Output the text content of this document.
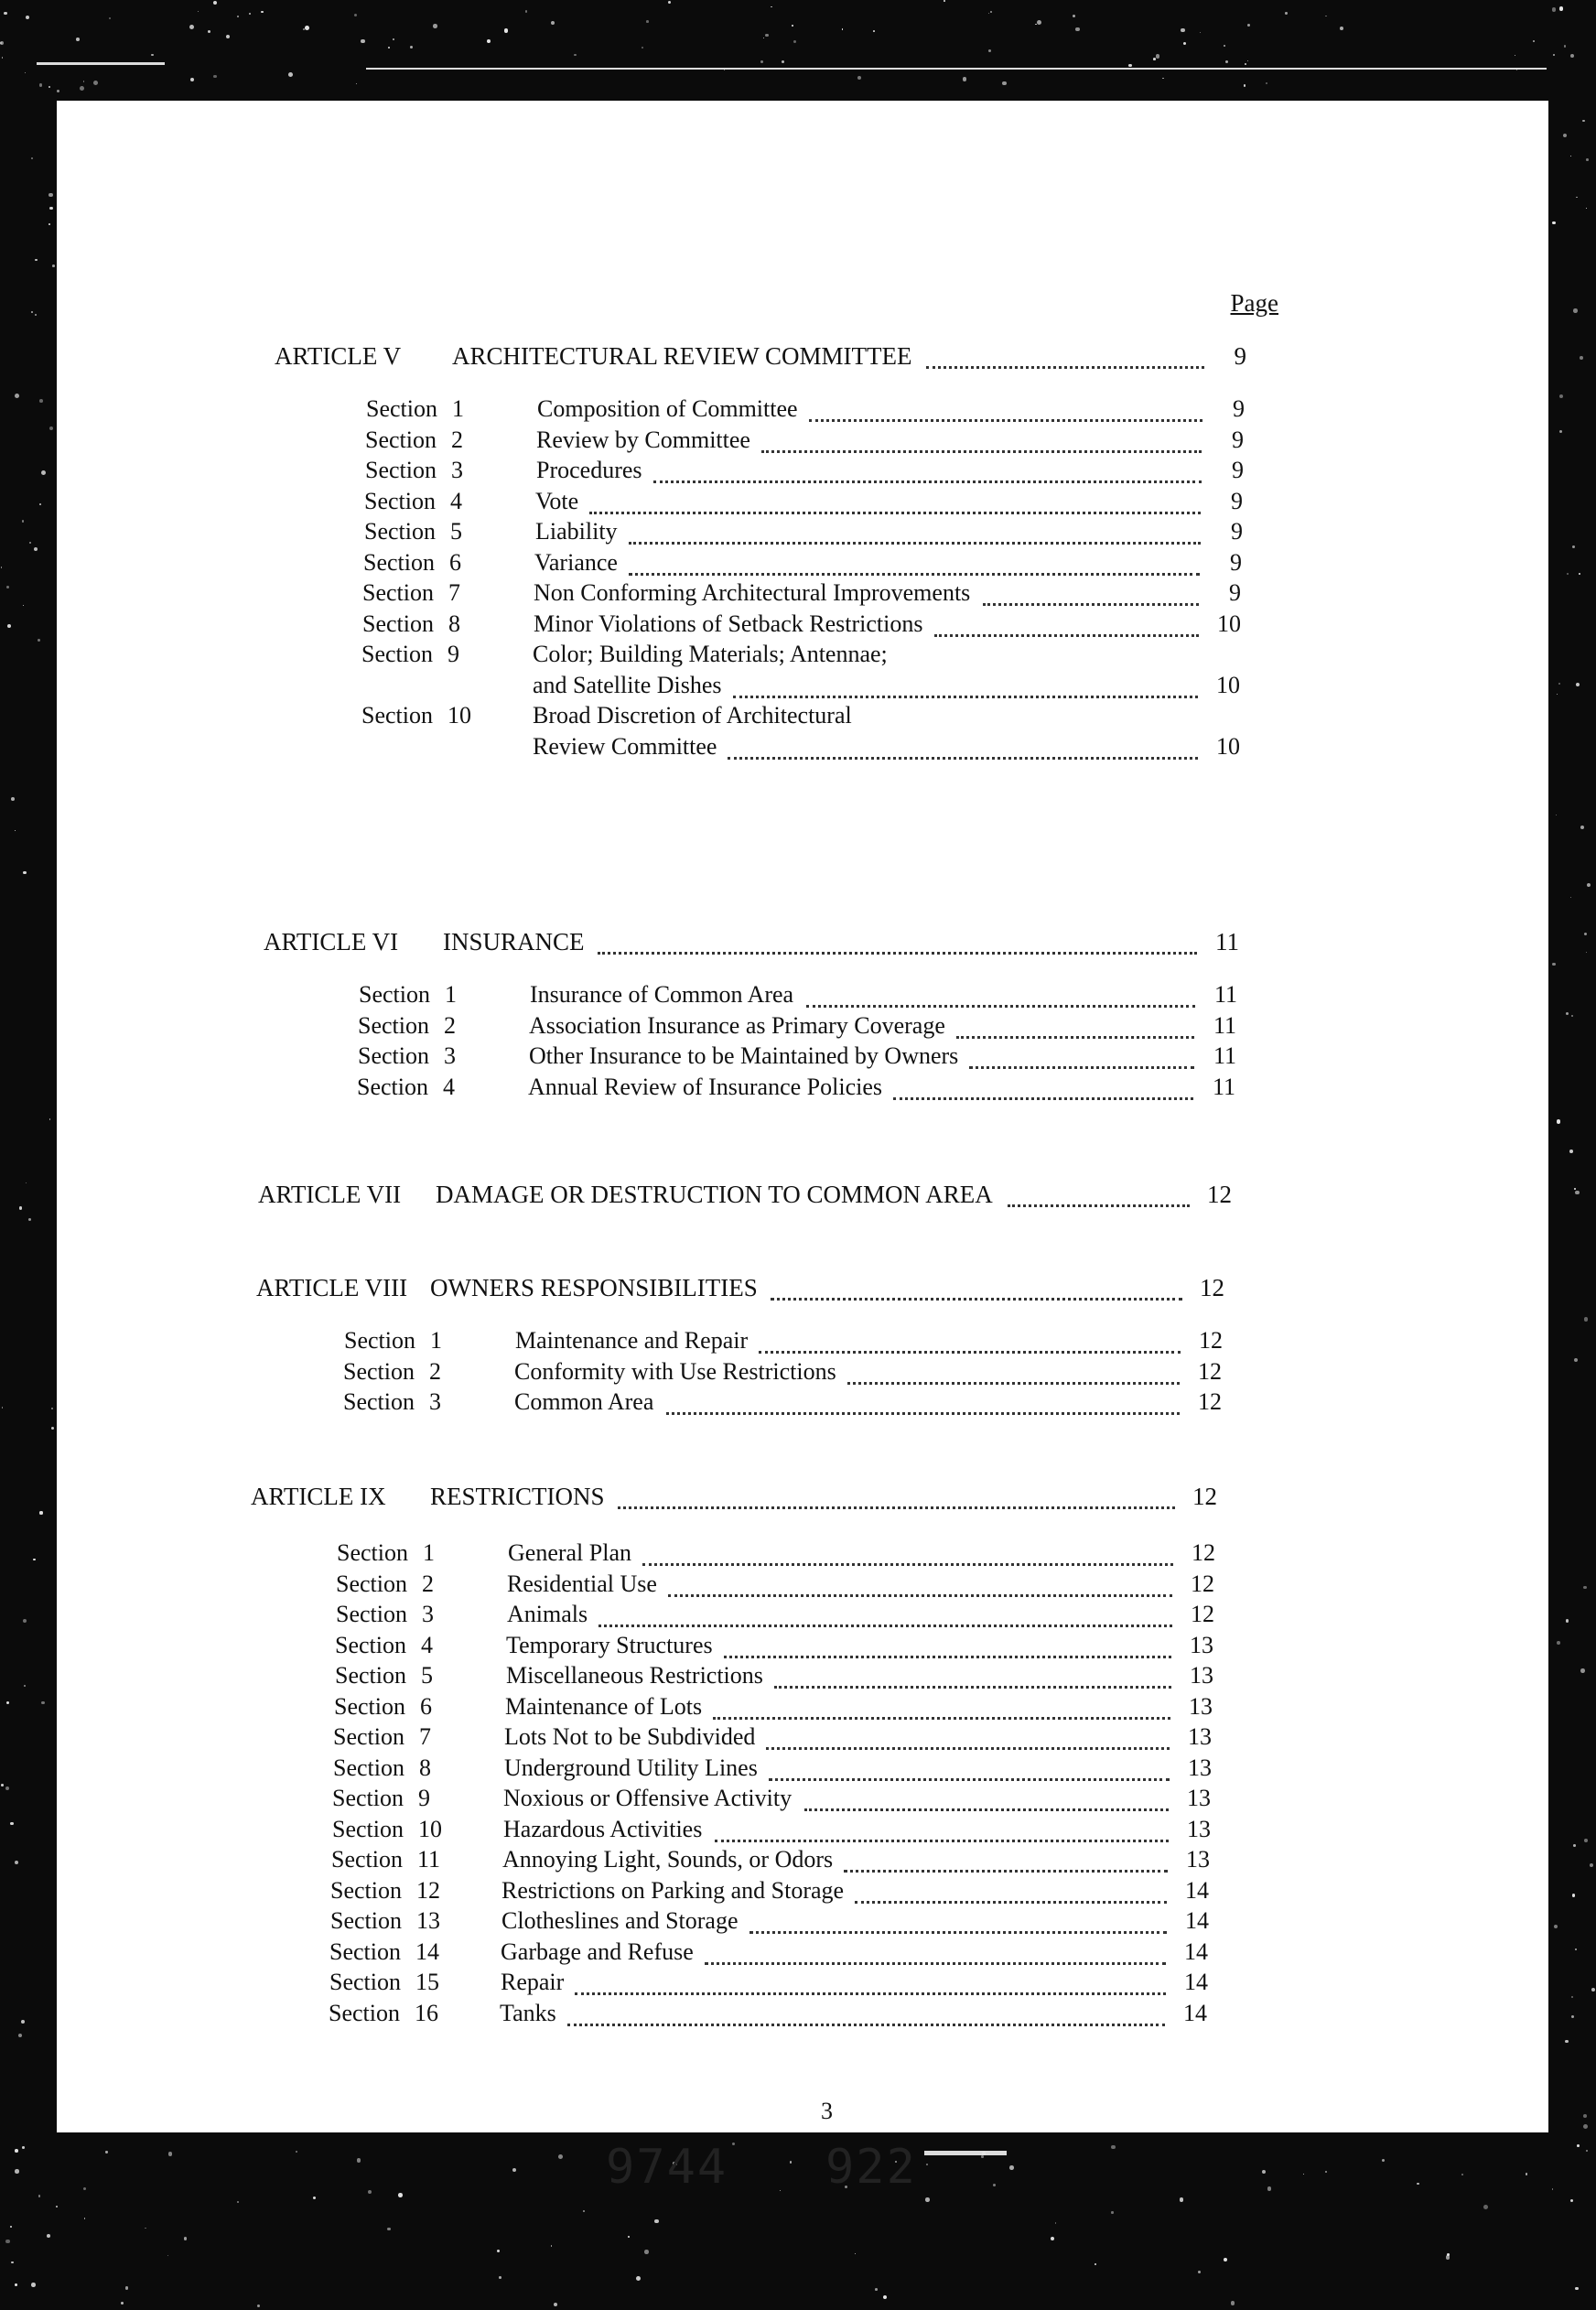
Page
ARTICLE V ARCHITECTURAL REVIEW COMMITTEE	9
Section 1	Composition of Committee	9
Section 2	Review by Committee	9
Section 3	Procedures	9
Section 4	Vote	9
Section 5	Liability	9
Section 6	Variance	9
Section 7	Non Conforming Architectural Improvements	9
Section 8	Minor Violations of Setback Restrictions	10
Section 9	Color; Building Materials; Antennae;
and Satellite Dishes	10
Section 10	Broad Discretion of Architectural
Review Committee	10
ARTICLE VI INSURANCE	11
Section 1	Insurance of Common Area	11
Section 2	Association Insurance as Primary Coverage	11
Section 3	Other Insurance to be Maintained by Owners	11
Section 4	Annual Review of Insurance Policies	11
ARTICLE VII DAMAGE OR DESTRUCTION TO COMMON AREA	12
ARTICLE VIII OWNERS RESPONSIBILITIES	12
Section 1	Maintenance and Repair	12
Section 2	Conformity with Use Restrictions	12
Section 3	Common Area	12
ARTICLE IX RESTRICTIONS	12
Section 1	General Plan	12
Section 2	Residential Use	12
Section 3	Animals	12
Section 4	Temporary Structures	13
Section 5	Miscellaneous Restrictions	13
Section 6	Maintenance of Lots	13
Section 7	Lots Not to be Subdivided	13
Section 8	Underground Utility Lines	13
Section 9	Noxious or Offensive Activity	13
Section 10	Hazardous Activities	13
Section 11	Annoying Light, Sounds, or Odors	13
Section 12	Restrictions on Parking and Storage	14
Section 13	Clotheslines and Storage	14
Section 14	Garbage and Refuse	14
Section 15	Repair	14
Section 16	Tanks	14
3
9744 922
